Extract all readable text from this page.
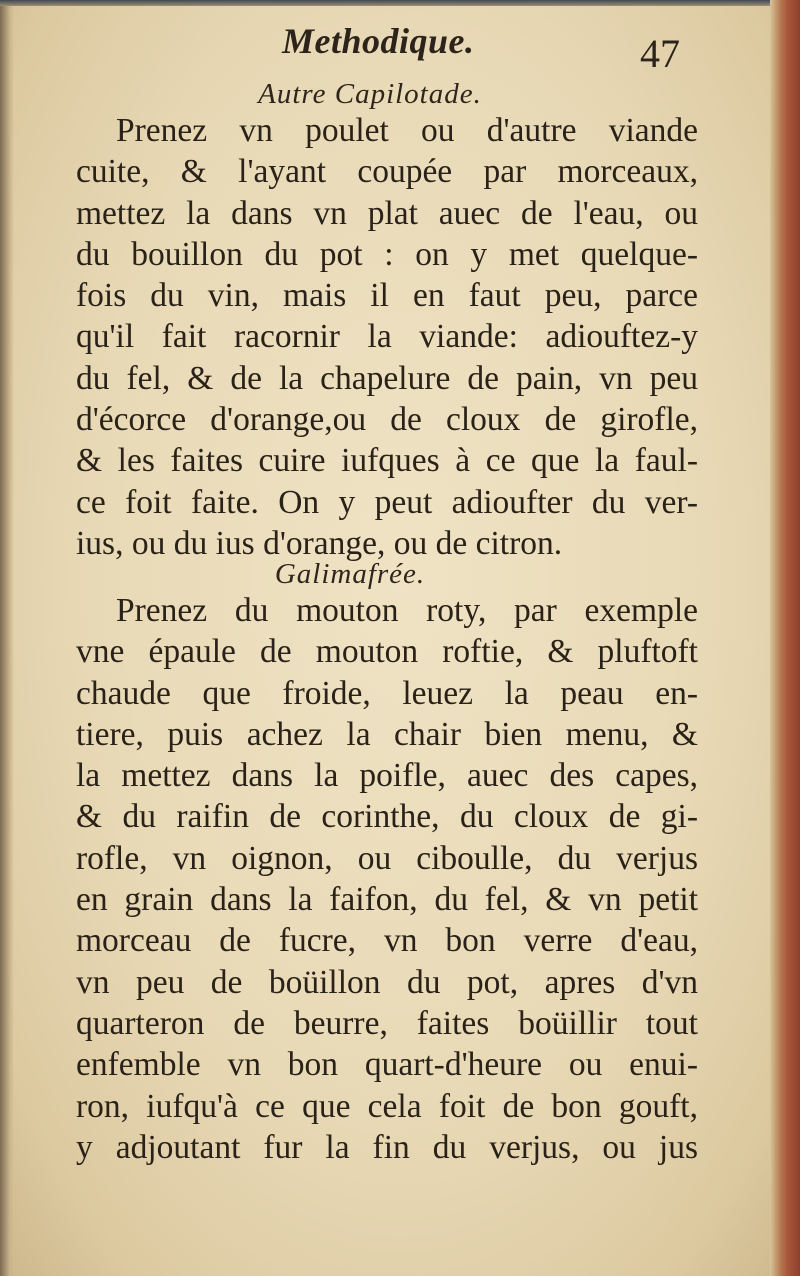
Methodique.	47
Autre Capilotade.
Prenez vn poulet ou d'autre viande
cuite, & l'ayant coupée par morceaux,
mettez la dans vn plat auec de l'eau, ou
du bouillon du pot : on y met quelque-
fois du vin, mais il en faut peu, parce
qu'il fait racornir la viande: adiouftez-y
du fel, & de la chapelure de pain, vn peu
d'écorce d'orange,ou de cloux de girofle,
& les faites cuire iufques à ce que la faul-
ce foit faite. On y peut adioufter du ver-
ius, ou du ius d'orange, ou de citron.
Galimafrée.
Prenez du mouton roty, par exemple
vne épaule de mouton roftie, & pluftoft
chaude que froide, leuez la peau en-
tiere, puis achez la chair bien menu, &
la mettez dans la poifle, auec des capes,
& du raifin de corinthe, du cloux de gi-
rofle, vn oignon, ou ciboulle, du verjus
en grain dans la faifon, du fel, & vn petit
morceau de fucre, vn bon verre d'eau,
vn peu de boüillon du pot, apres d'vn
quarteron de beurre, faites boüillir tout
enfemble vn bon quart-d'heure ou enui-
ron, iufqu'à ce que cela foit de bon gouft,
y adjoutant fur la fin du verjus, ou jus
